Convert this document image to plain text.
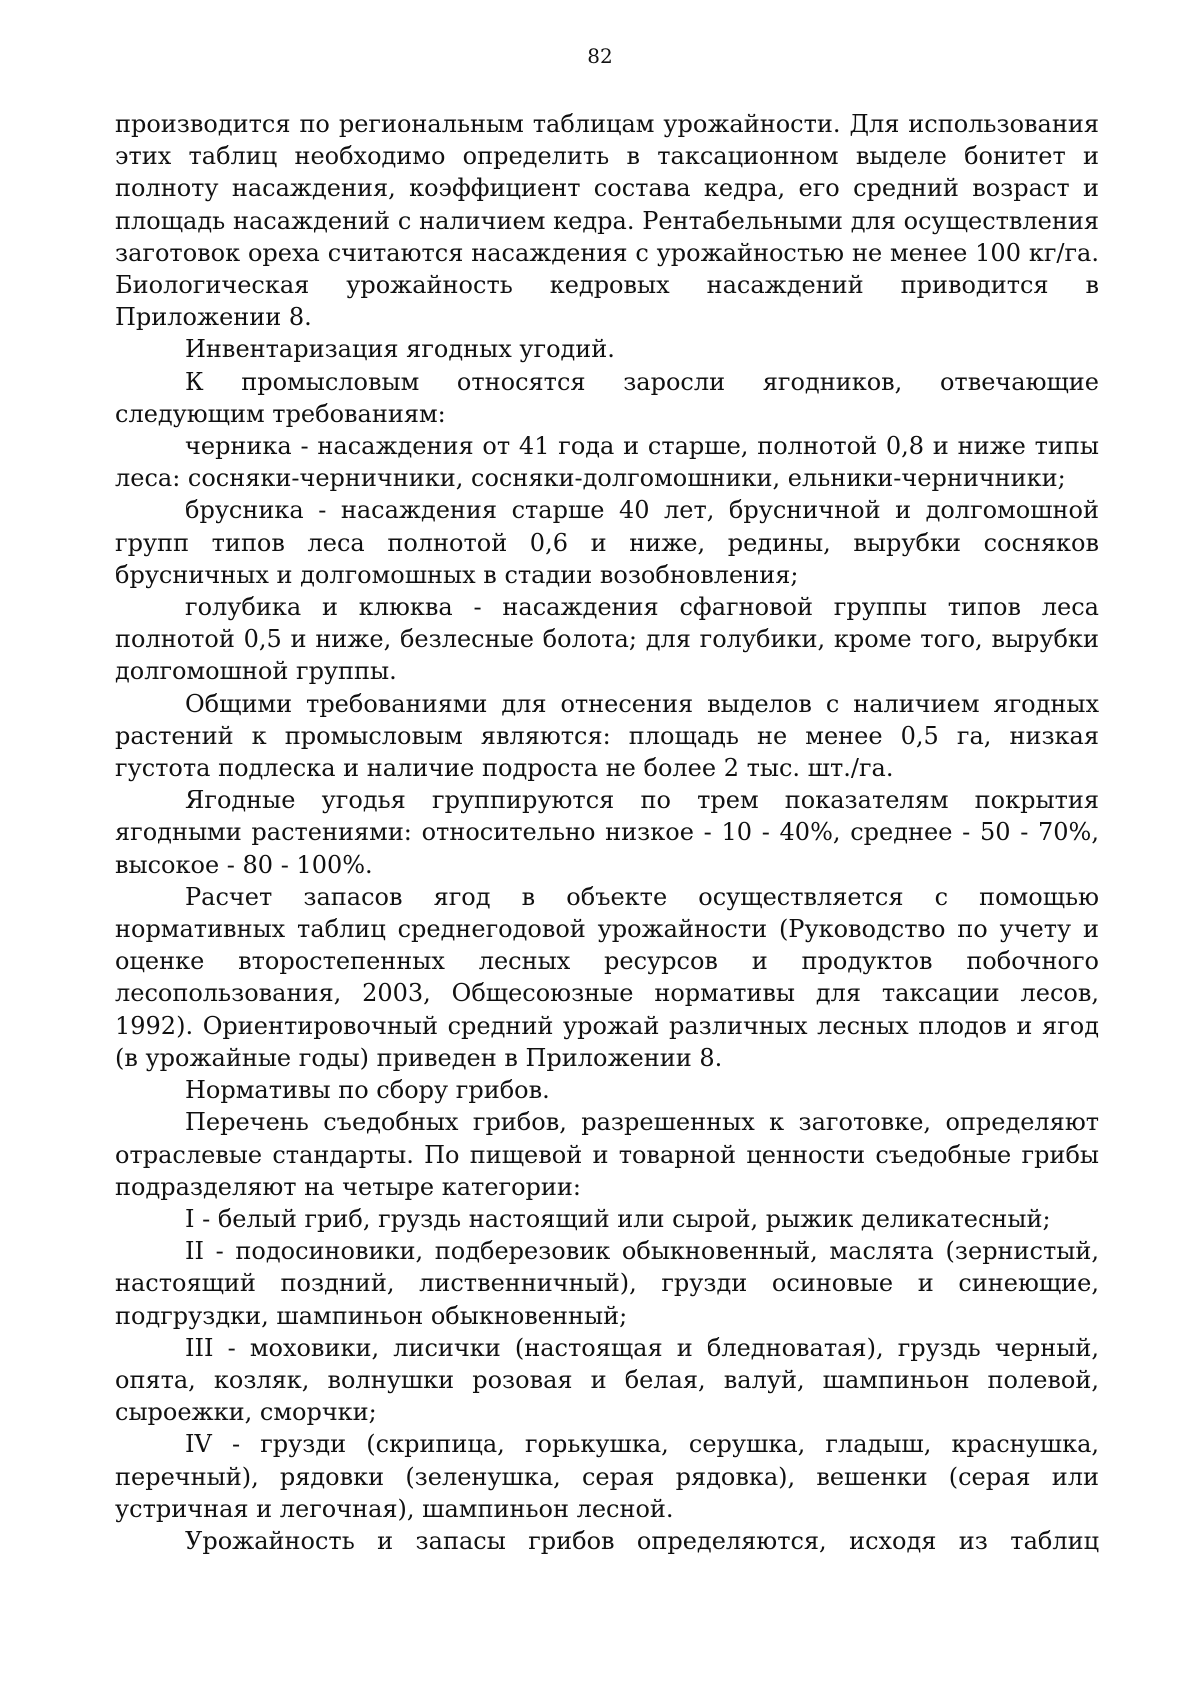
82

производится по региональным таблицам урожайности. Для использования этих таблиц необходимо определить в таксационном выделе бонитет и полноту насаждения, коэффициент состава кедра, его средний возраст и площадь насаждений с наличием кедра. Рентабельными для осуществления заготовок ореха считаются насаждения с урожайностью не менее 100 кг/га. Биологическая урожайность кедровых насаждений приводится в Приложении 8.

Инвентаризация ягодных угодий.

К промысловым относятся заросли ягодников, отвечающие следующим требованиям:

черника - насаждения от 41 года и старше, полнотой 0,8 и ниже типы леса: сосняки-черничники, сосняки-долгомошники, ельники-черничники;

брусника - насаждения старше 40 лет, брусничной и долгомошной групп типов леса полнотой 0,6 и ниже, редины, вырубки сосняков брусничных и долгомошных в стадии возобновления;

голубика и клюква - насаждения сфагновой группы типов леса полнотой 0,5 и ниже, безлесные болота; для голубики, кроме того, вырубки долгомошной группы.

Общими требованиями для отнесения выделов с наличием ягодных растений к промысловым являются: площадь не менее 0,5 га, низкая густота подлеска и наличие подроста не более 2 тыс. шт./га.

Ягодные угодья группируются по трем показателям покрытия ягодными растениями: относительно низкое - 10 - 40%, среднее - 50 - 70%, высокое - 80 - 100%.

Расчет запасов ягод в объекте осуществляется с помощью нормативных таблиц среднегодовой урожайности (Руководство по учету и оценке второстепенных лесных ресурсов и продуктов побочного лесопользования, 2003, Общесоюзные нормативы для таксации лесов, 1992). Ориентировочный средний урожай различных лесных плодов и ягод (в урожайные годы) приведен в Приложении 8.

Нормативы по сбору грибов.

Перечень съедобных грибов, разрешенных к заготовке, определяют отраслевые стандарты. По пищевой и товарной ценности съедобные грибы подразделяют на четыре категории:

I - белый гриб, груздь настоящий или сырой, рыжик деликатесный;

II - подосиновики, подберезовик обыкновенный, маслята (зернистый, настоящий поздний, лиственничный), грузди осиновые и синеющие, подгруздки, шампиньон обыкновенный;

III - моховики, лисички (настоящая и бледноватая), груздь черный, опята, козляк, волнушки розовая и белая, валуй, шампиньон полевой, сыроежки, сморчки;

IV - грузди (скрипица, горькушка, серушка, гладыш, краснушка, перечный), рядовки (зеленушка, серая рядовка), вешенки (серая или устричная и легочная), шампиньон лесной.

Урожайность и запасы грибов определяются, исходя из таблиц
